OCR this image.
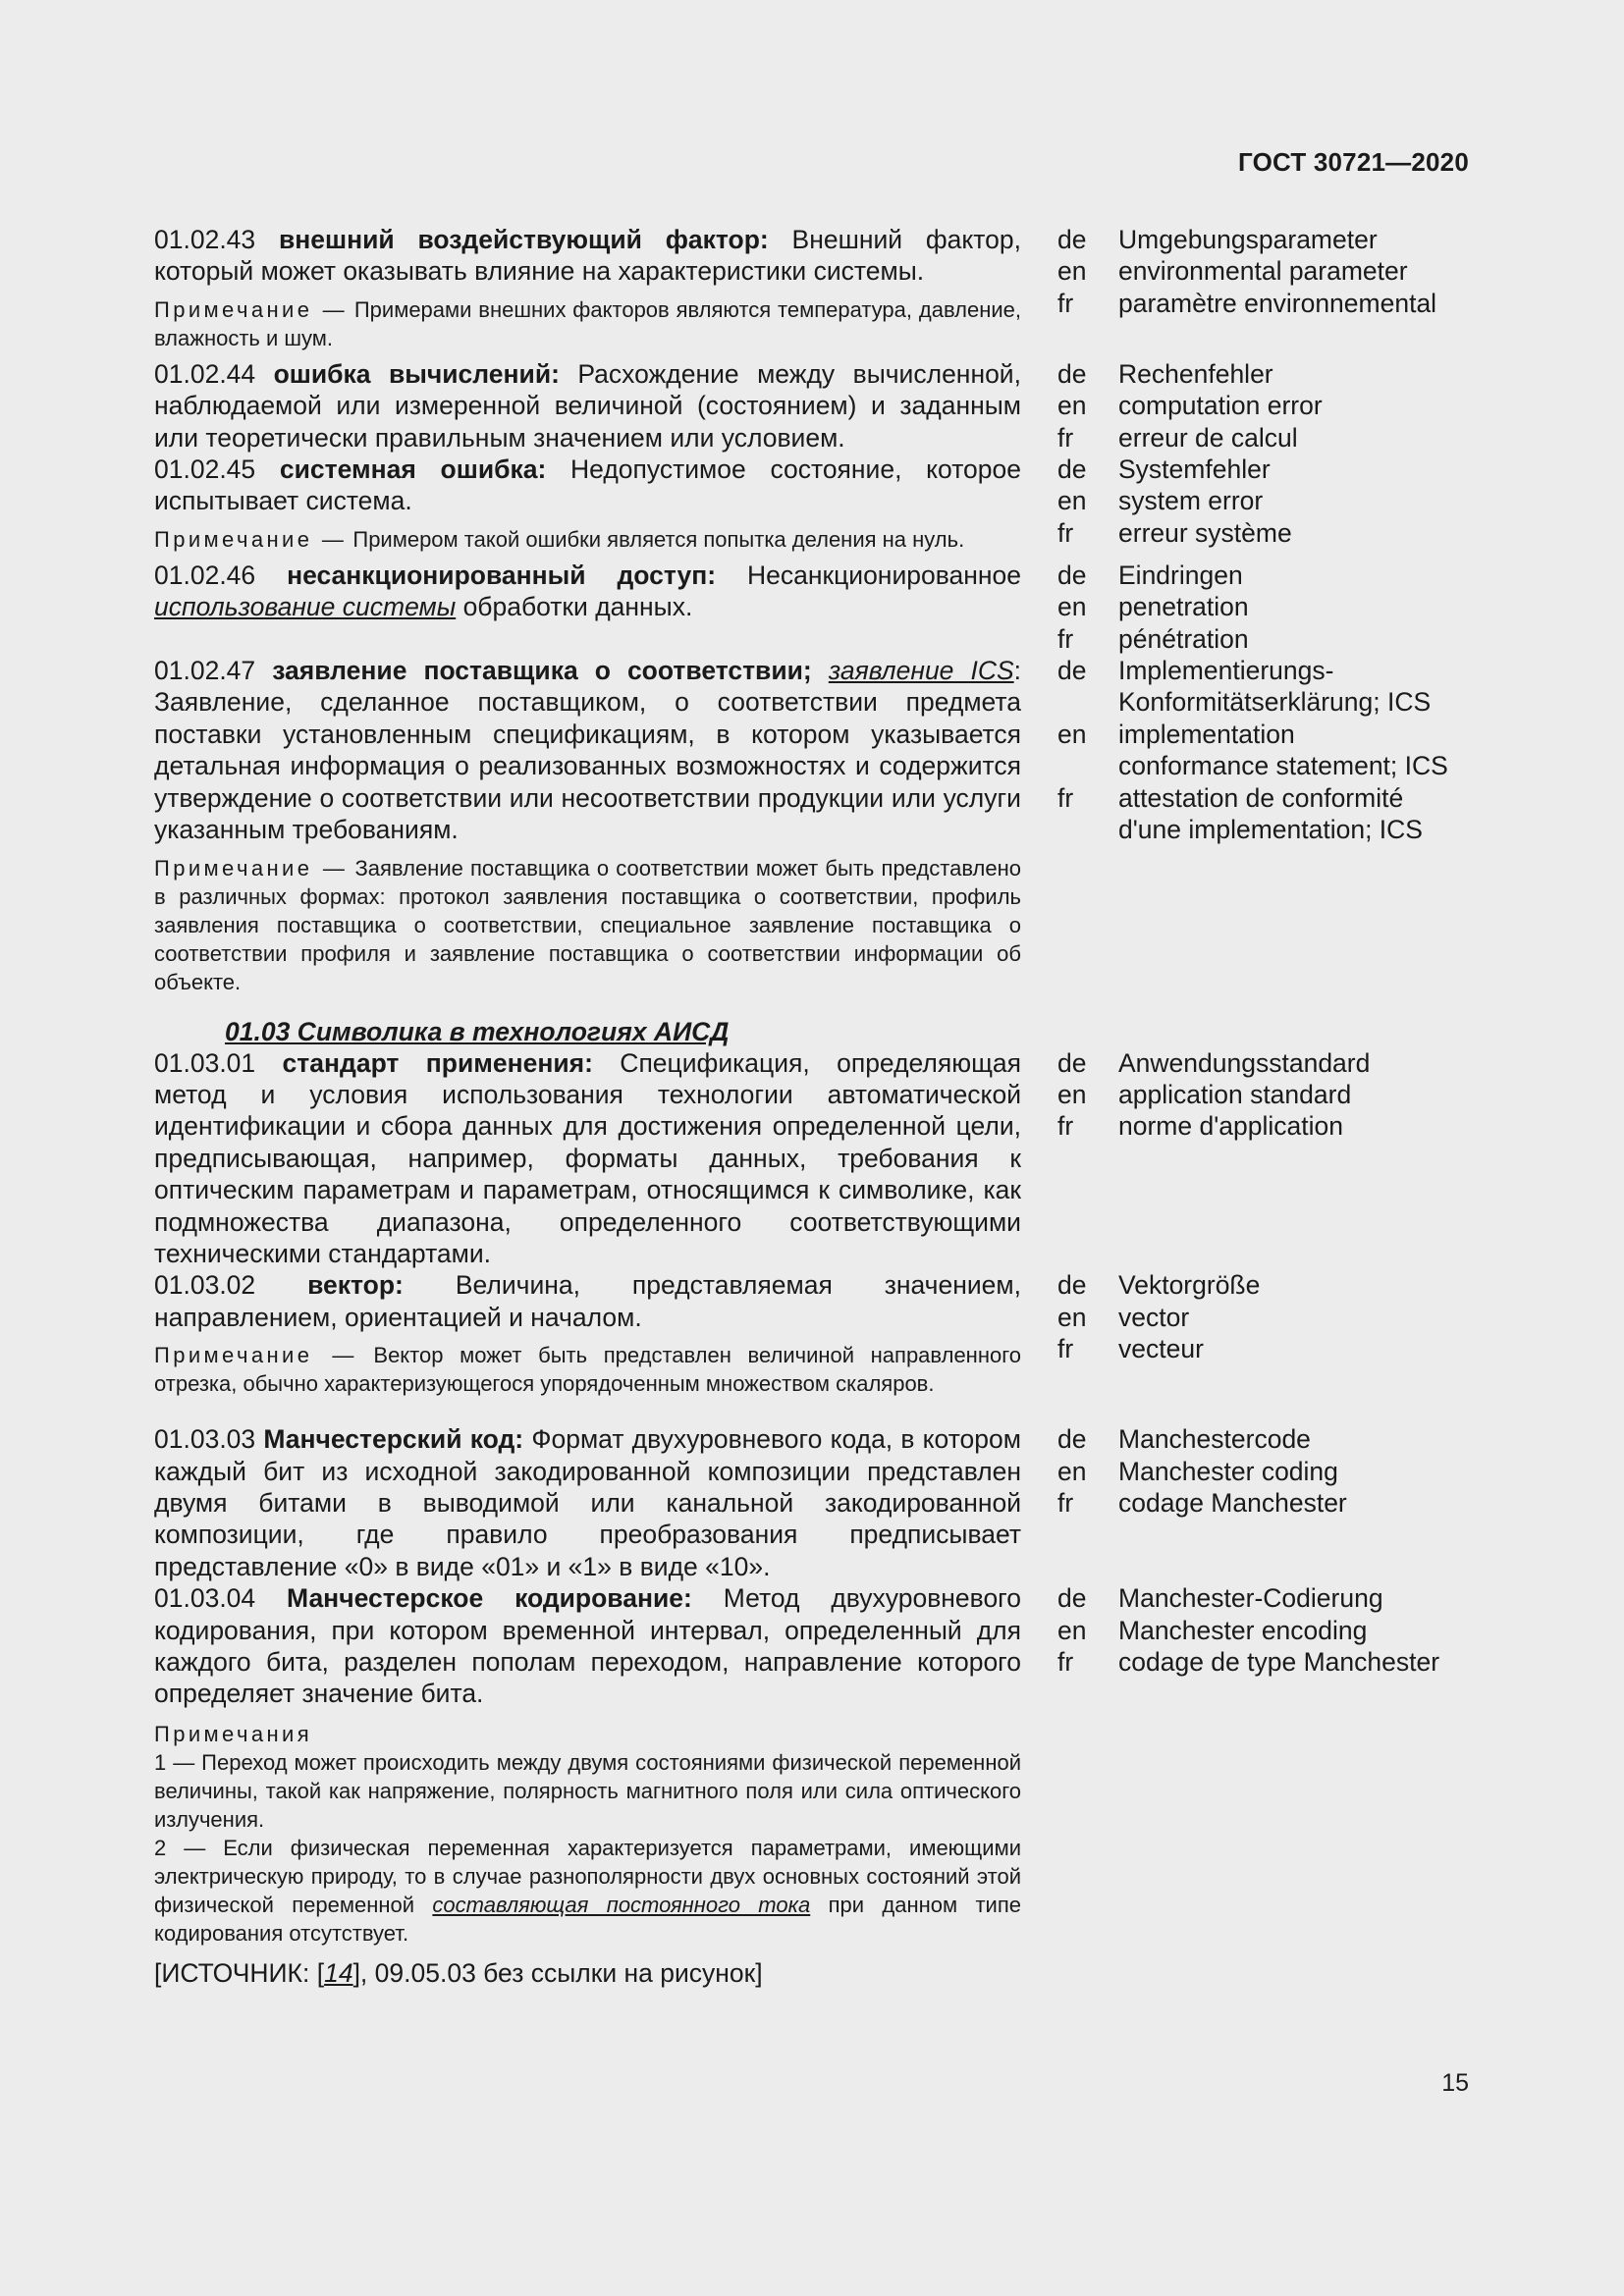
ГОСТ 30721—2020
01.02.43 внешний воздействующий фактор: Внешний фактор, который может оказывать влияние на характеристики системы.
Примечание — Примерами внешних факторов являются температура, давление, влажность и шум.
de	Umgebungsparameter
en	environmental parameter
fr	paramètre environnemental
01.02.44 ошибка вычислений: Расхождение между вычисленной, наблюдаемой или измеренной величиной (состоянием) и заданным или теоретически правильным значением или условием.
de	Rechenfehler
en	computation error
fr	erreur de calcul
01.02.45 системная ошибка: Недопустимое состояние, которое испытывает система.
Примечание — Примером такой ошибки является попытка деления на нуль.
de	Systemfehler
en	system error
fr	erreur système
01.02.46 несанкционированный доступ: Несанкционированное использование системы обработки данных.
de	Eindringen
en	penetration
fr	pénétration
01.02.47 заявление поставщика о соответствии; заявление ICS: Заявление, сделанное поставщиком, о соответствии предмета поставки установленным спецификациям, в котором указывается детальная информация о реализованных возможностях и содержится утверждение о соответствии или несоответствии продукции или услуги указанным требованиям.
Примечание — Заявление поставщика о соответствии может быть представлено в различных формах: протокол заявления поставщика о соответствии, профиль заявления поставщика о соответствии, специальное заявление поставщика о соответствии профиля и заявление поставщика о соответствии информации об объекте.
de	Implementierungs-
Konformitätserklärung; ICS
en	implementation
conformance statement; ICS
fr	attestation de conformité
d'une implementation; ICS
01.03 Символика в технологиях АИСД
01.03.01 стандарт применения: Спецификация, определяющая метод и условия использования технологии автоматической идентификации и сбора данных для достижения определенной цели, предписывающая, например, форматы данных, требования к оптическим параметрам и параметрам, относящимся к символике, как подмножества диапазона, определенного соответствующими техническими стандартами.
de	Anwendungsstandard
en	application standard
fr	norme d'application
01.03.02 вектор: Величина, представляемая значением, направлением, ориентацией и началом.
Примечание — Вектор может быть представлен величиной направленного отрезка, обычно характеризующегося упорядоченным множеством скаляров.
de	Vektorgröße
en	vector
fr	vecteur
01.03.03 Манчестерский код: Формат двухуровневого кода, в котором каждый бит из исходной закодированной композиции представлен двумя битами в выводимой или канальной закодированной композиции, где правило преобразования предписывает представление «0» в виде «01» и «1» в виде «10».
de	Manchestercode
en	Manchester coding
fr	codage Manchester
01.03.04 Манчестерское кодирование: Метод двухуровневого кодирования, при котором временной интервал, определенный для каждого бита, разделен пополам переходом, направление которого определяет значение бита.
Примечания
1 — Переход может происходить между двумя состояниями физической переменной величины, такой как напряжение, полярность магнитного поля или сила оптического излучения.
2 — Если физическая переменная характеризуется параметрами, имеющими электрическую природу, то в случае разнополярности двух основных состояний этой физической переменной составляющая постоянного тока при данном типе кодирования отсутствует.
[ИСТОЧНИК: [14], 09.05.03 без ссылки на рисунок]
de	Manchester-Codierung
en	Manchester encoding
fr	codage de type Manchester
15
